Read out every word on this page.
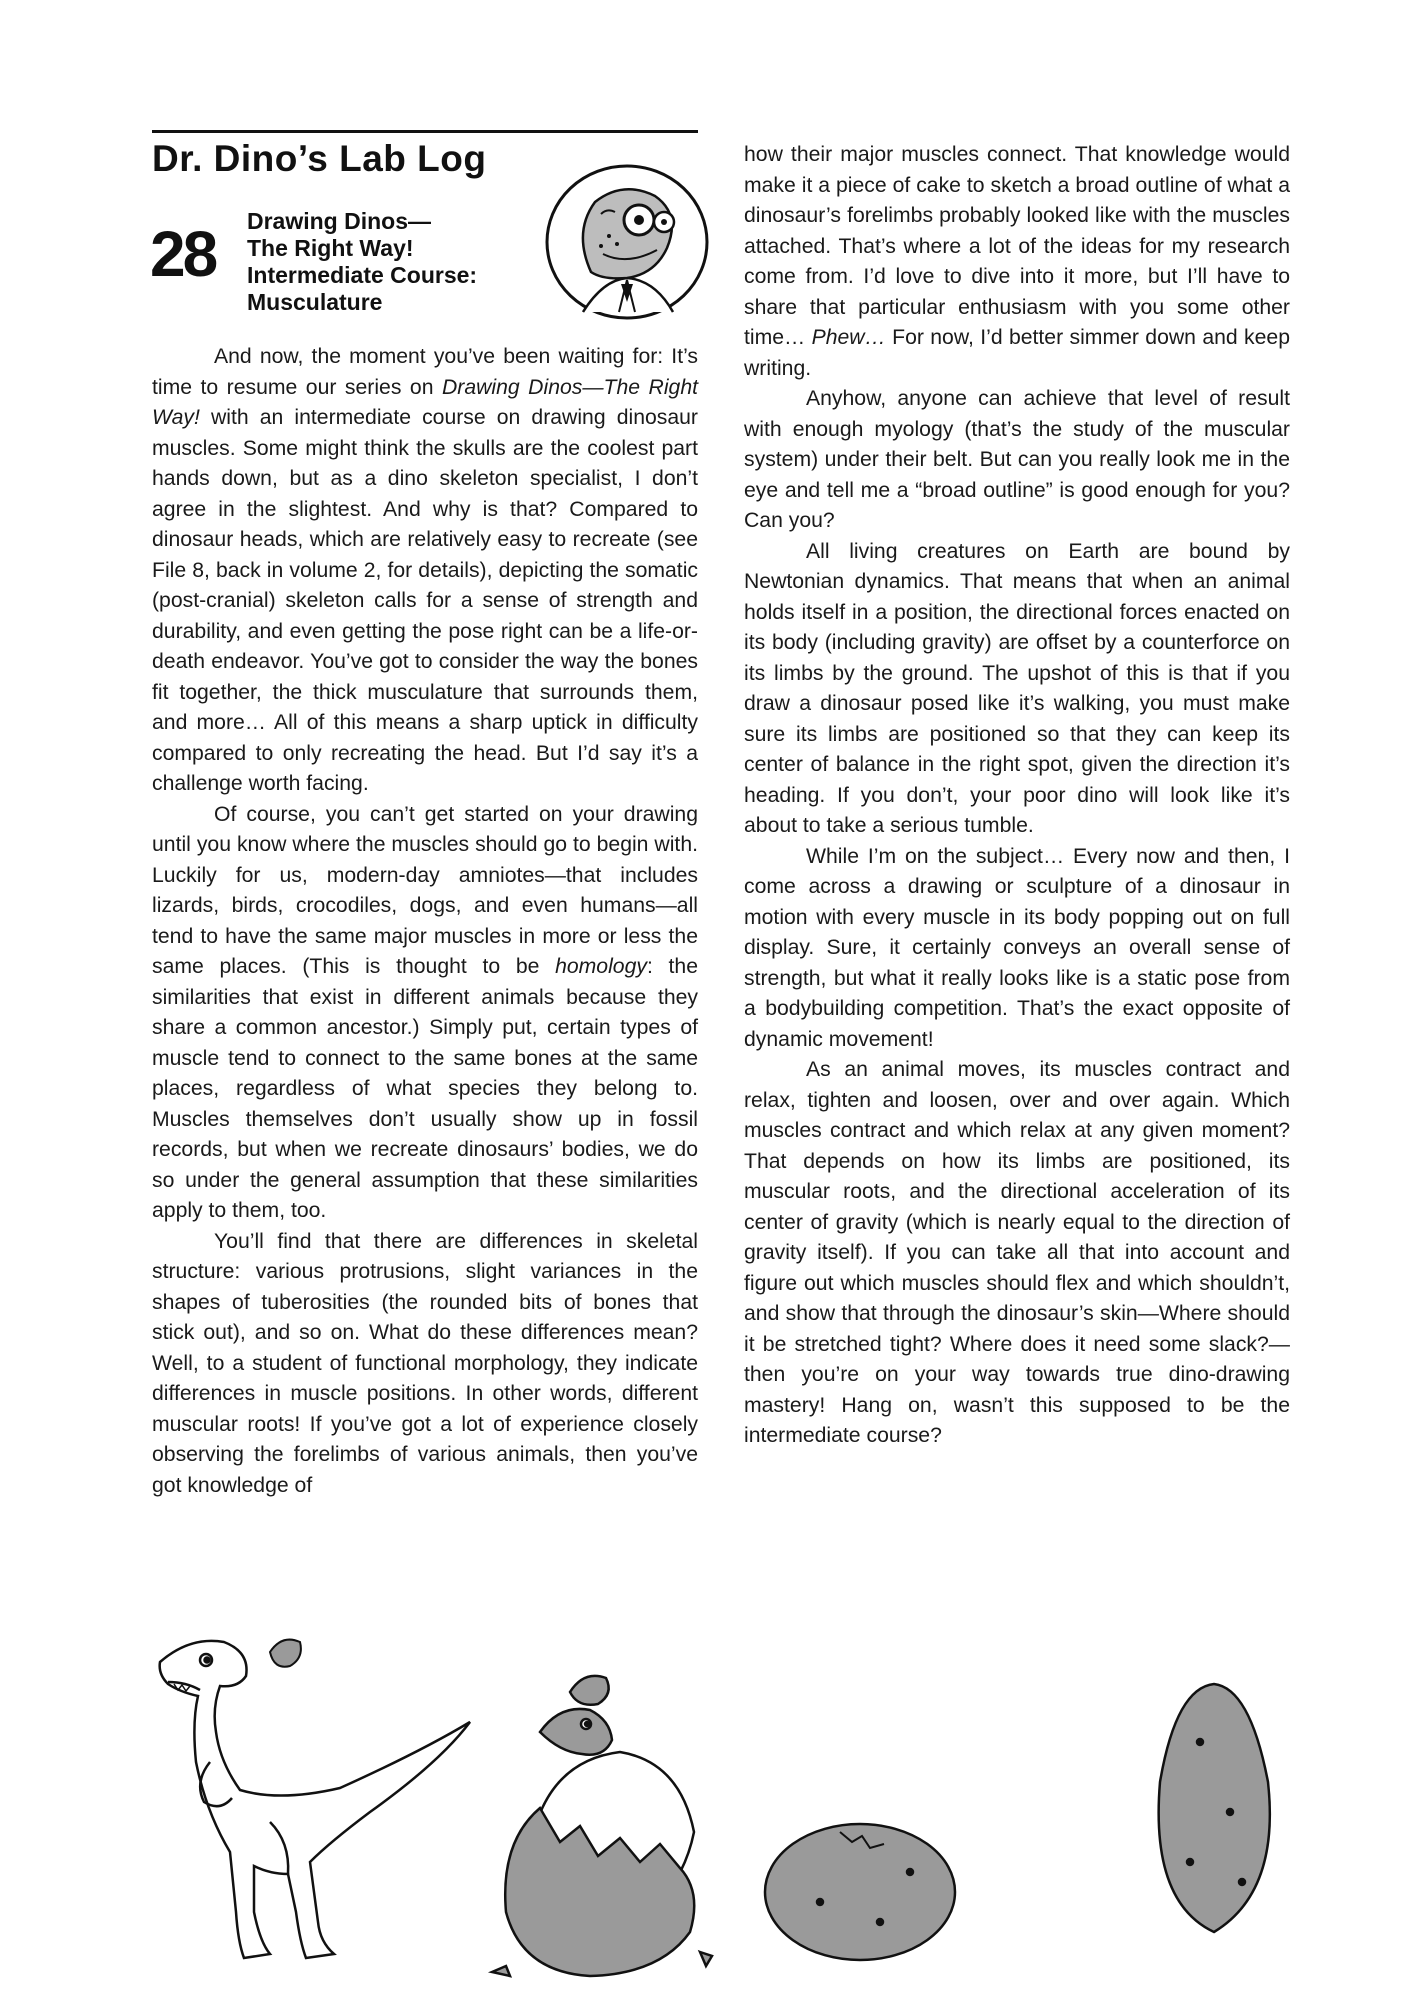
Dr. Dino’s Lab Log
28 Drawing Dinos—
The Right Way!
Intermediate Course:
Musculature

And now, the moment you’ve been waiting for: It’s time to resume our series on Drawing Dinos—The Right Way! with an intermediate course on drawing dinosaur muscles. Some might think the skulls are the coolest part hands down, but as a dino skeleton specialist, I don’t agree in the slightest. And why is that? Compared to dinosaur heads, which are relatively easy to recreate (see File 8, back in volume 2, for details), depicting the somatic (post-cranial) skeleton calls for a sense of strength and durability, and even getting the pose right can be a life-or-death endeavor. You’ve got to consider the way the bones fit together, the thick musculature that surrounds them, and more… All of this means a sharp uptick in difficulty compared to only recreating the head. But I’d say it’s a challenge worth facing.

Of course, you can’t get started on your drawing until you know where the muscles should go to begin with. Luckily for us, modern-day amniotes—that includes lizards, birds, crocodiles, dogs, and even humans—all tend to have the same major muscles in more or less the same places. (This is thought to be homology: the similarities that exist in different animals because they share a common ancestor.) Simply put, certain types of muscle tend to connect to the same bones at the same places, regardless of what species they belong to. Muscles themselves don’t usually show up in fossil records, but when we recreate dinosaurs’ bodies, we do so under the general assumption that these similarities apply to them, too.

You’ll find that there are differences in skeletal structure: various protrusions, slight variances in the shapes of tuberosities (the rounded bits of bones that stick out), and so on. What do these differences mean? Well, to a student of functional morphology, they indicate differences in muscle positions. In other words, different muscular roots! If you’ve got a lot of experience closely observing the forelimbs of various animals, then you’ve got knowledge of

how their major muscles connect. That knowledge would make it a piece of cake to sketch a broad outline of what a dinosaur’s forelimbs probably looked like with the muscles attached. That’s where a lot of the ideas for my research come from. I’d love to dive into it more, but I’ll have to share that particular enthusiasm with you some other time… Phew… For now, I’d better simmer down and keep writing.

Anyhow, anyone can achieve that level of result with enough myology (that’s the study of the muscular system) under their belt. But can you really look me in the eye and tell me a “broad outline” is good enough for you? Can you?

All living creatures on Earth are bound by Newtonian dynamics. That means that when an animal holds itself in a position, the directional forces enacted on its body (including gravity) are offset by a counterforce on its limbs by the ground. The upshot of this is that if you draw a dinosaur posed like it’s walking, you must make sure its limbs are positioned so that they can keep its center of balance in the right spot, given the direction it’s heading. If you don’t, your poor dino will look like it’s about to take a serious tumble.

While I’m on the subject… Every now and then, I come across a drawing or sculpture of a dinosaur in motion with every muscle in its body popping out on full display. Sure, it certainly conveys an overall sense of strength, but what it really looks like is a static pose from a bodybuilding competition. That’s the exact opposite of dynamic movement!

As an animal moves, its muscles contract and relax, tighten and loosen, over and over again. Which muscles contract and which relax at any given moment? That depends on how its limbs are positioned, its muscular roots, and the directional acceleration of its center of gravity (which is nearly equal to the direction of gravity itself). If you can take all that into account and figure out which muscles should flex and which shouldn’t, and show that through the dinosaur’s skin—Where should it be stretched tight? Where does it need some slack?—then you’re on your way towards true dino-drawing mastery! Hang on, wasn’t this supposed to be the intermediate course?
